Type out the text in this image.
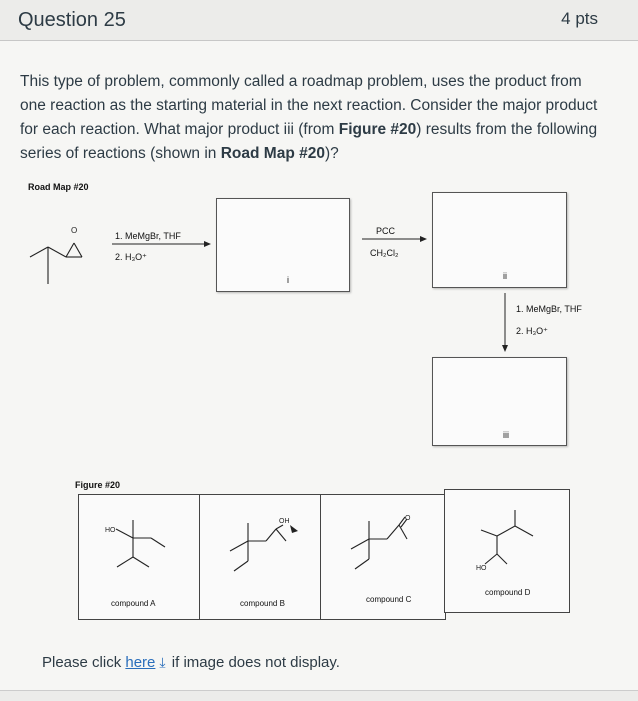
Question 25	4 pts
This type of problem, commonly called a roadmap problem, uses the product from one reaction as the starting material in the next reaction. Consider the major product for each reaction. What major product iii (from Figure #20) results from the following series of reactions (shown in Road Map #20)?
Road Map #20
O
1. MeMgBr, THF
2. H₃O⁺
i
PCC
CH₂Cl₂
ii
1. MeMgBr, THF
2. H₃O⁺
iii
Figure #20
HO
compound A
OH
compound B
O
compound C
HO
compound D
Please click here ⤓ if image does not display.
